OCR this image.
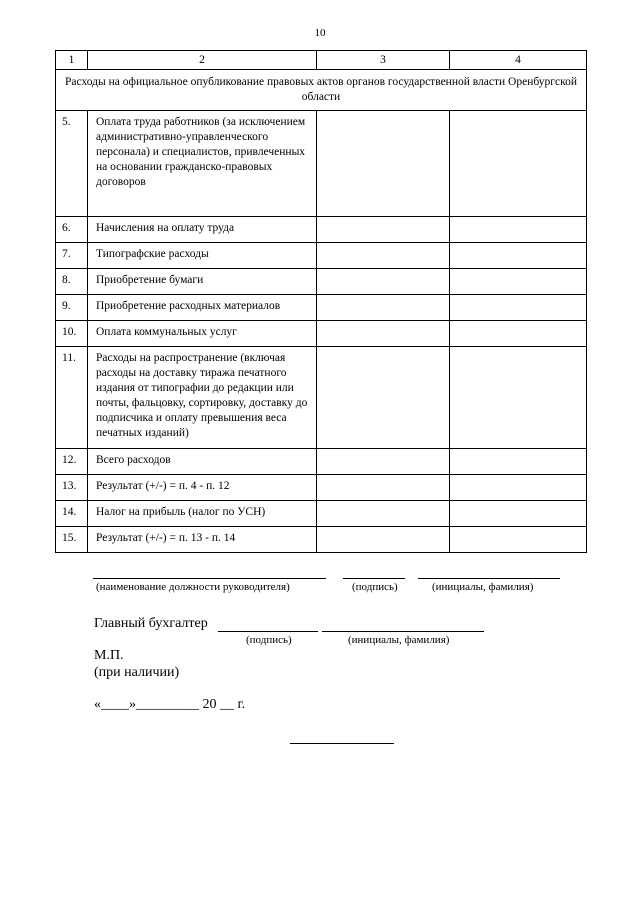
10
1	2	3	4
Расходы на официальное опубликование правовых актов органов государственной власти Оренбургской области			
5.	Оплата труда работников (за исключением административно-управленческого персонала) и специалистов, привлеченных на основании гражданско-правовых договоров		
6.	Начисления на оплату труда		
7.	Типографские расходы		
8.	Приобретение бумаги		
9.	Приобретение расходных материалов		
10.	Оплата коммунальных услуг		
11.	Расходы на распространение (включая расходы на доставку тиража печатного издания от типографии до редакции или почты, фальцовку, сортировку, доставку до подписчика и оплату превышения веса печатных изданий)		
12.	Всего расходов		
13.	Результат (+/-) = п. 4 - п. 12		
14.	Налог на прибыль (налог по УСН)		
15.	Результат (+/-) = п. 13 - п. 14		
(наименование должности руководителя)	(подпись)	(инициалы, фамилия)
Главный бухгалтер
(подпись)	(инициалы, фамилия)
М.П.
(при наличии)
«____»_________ 20 __ г.
